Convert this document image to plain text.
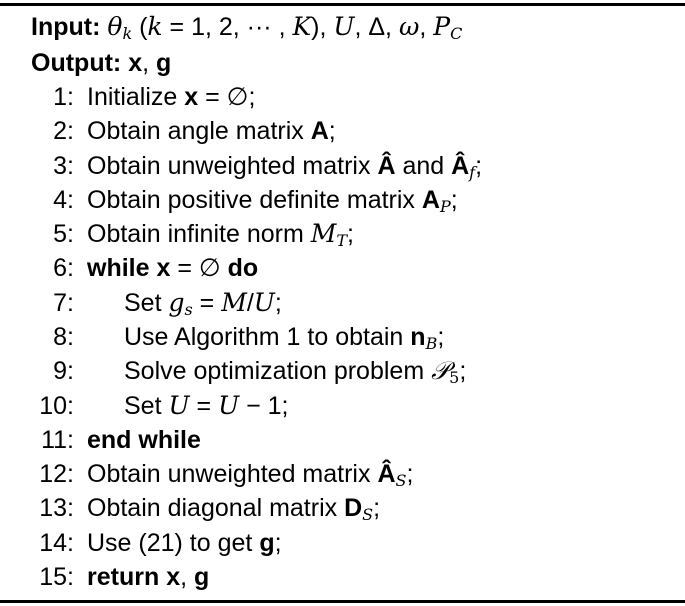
Input: $\theta_k$ (k = 1, 2, ··· , K), U, Δ, ω, $P_C$
Output: x, g
1: Initialize x = ∅;
2: Obtain angle matrix A;
3: Obtain unweighted matrix Â and $Â_f$;
4: Obtain positive definite matrix $A_P$;
5: Obtain infinite norm $M_T$;
6: while x = ∅ do
7: Set $g_s = M/U$;
8: Use Algorithm 1 to obtain $n_B$;
9: Solve optimization problem 𝒫$_5$;
10: Set U = U − 1;
11: end while
12: Obtain unweighted matrix $Â_S$;
13: Obtain diagonal matrix $D_S$;
14: Use (21) to get g;
15: return x, g
